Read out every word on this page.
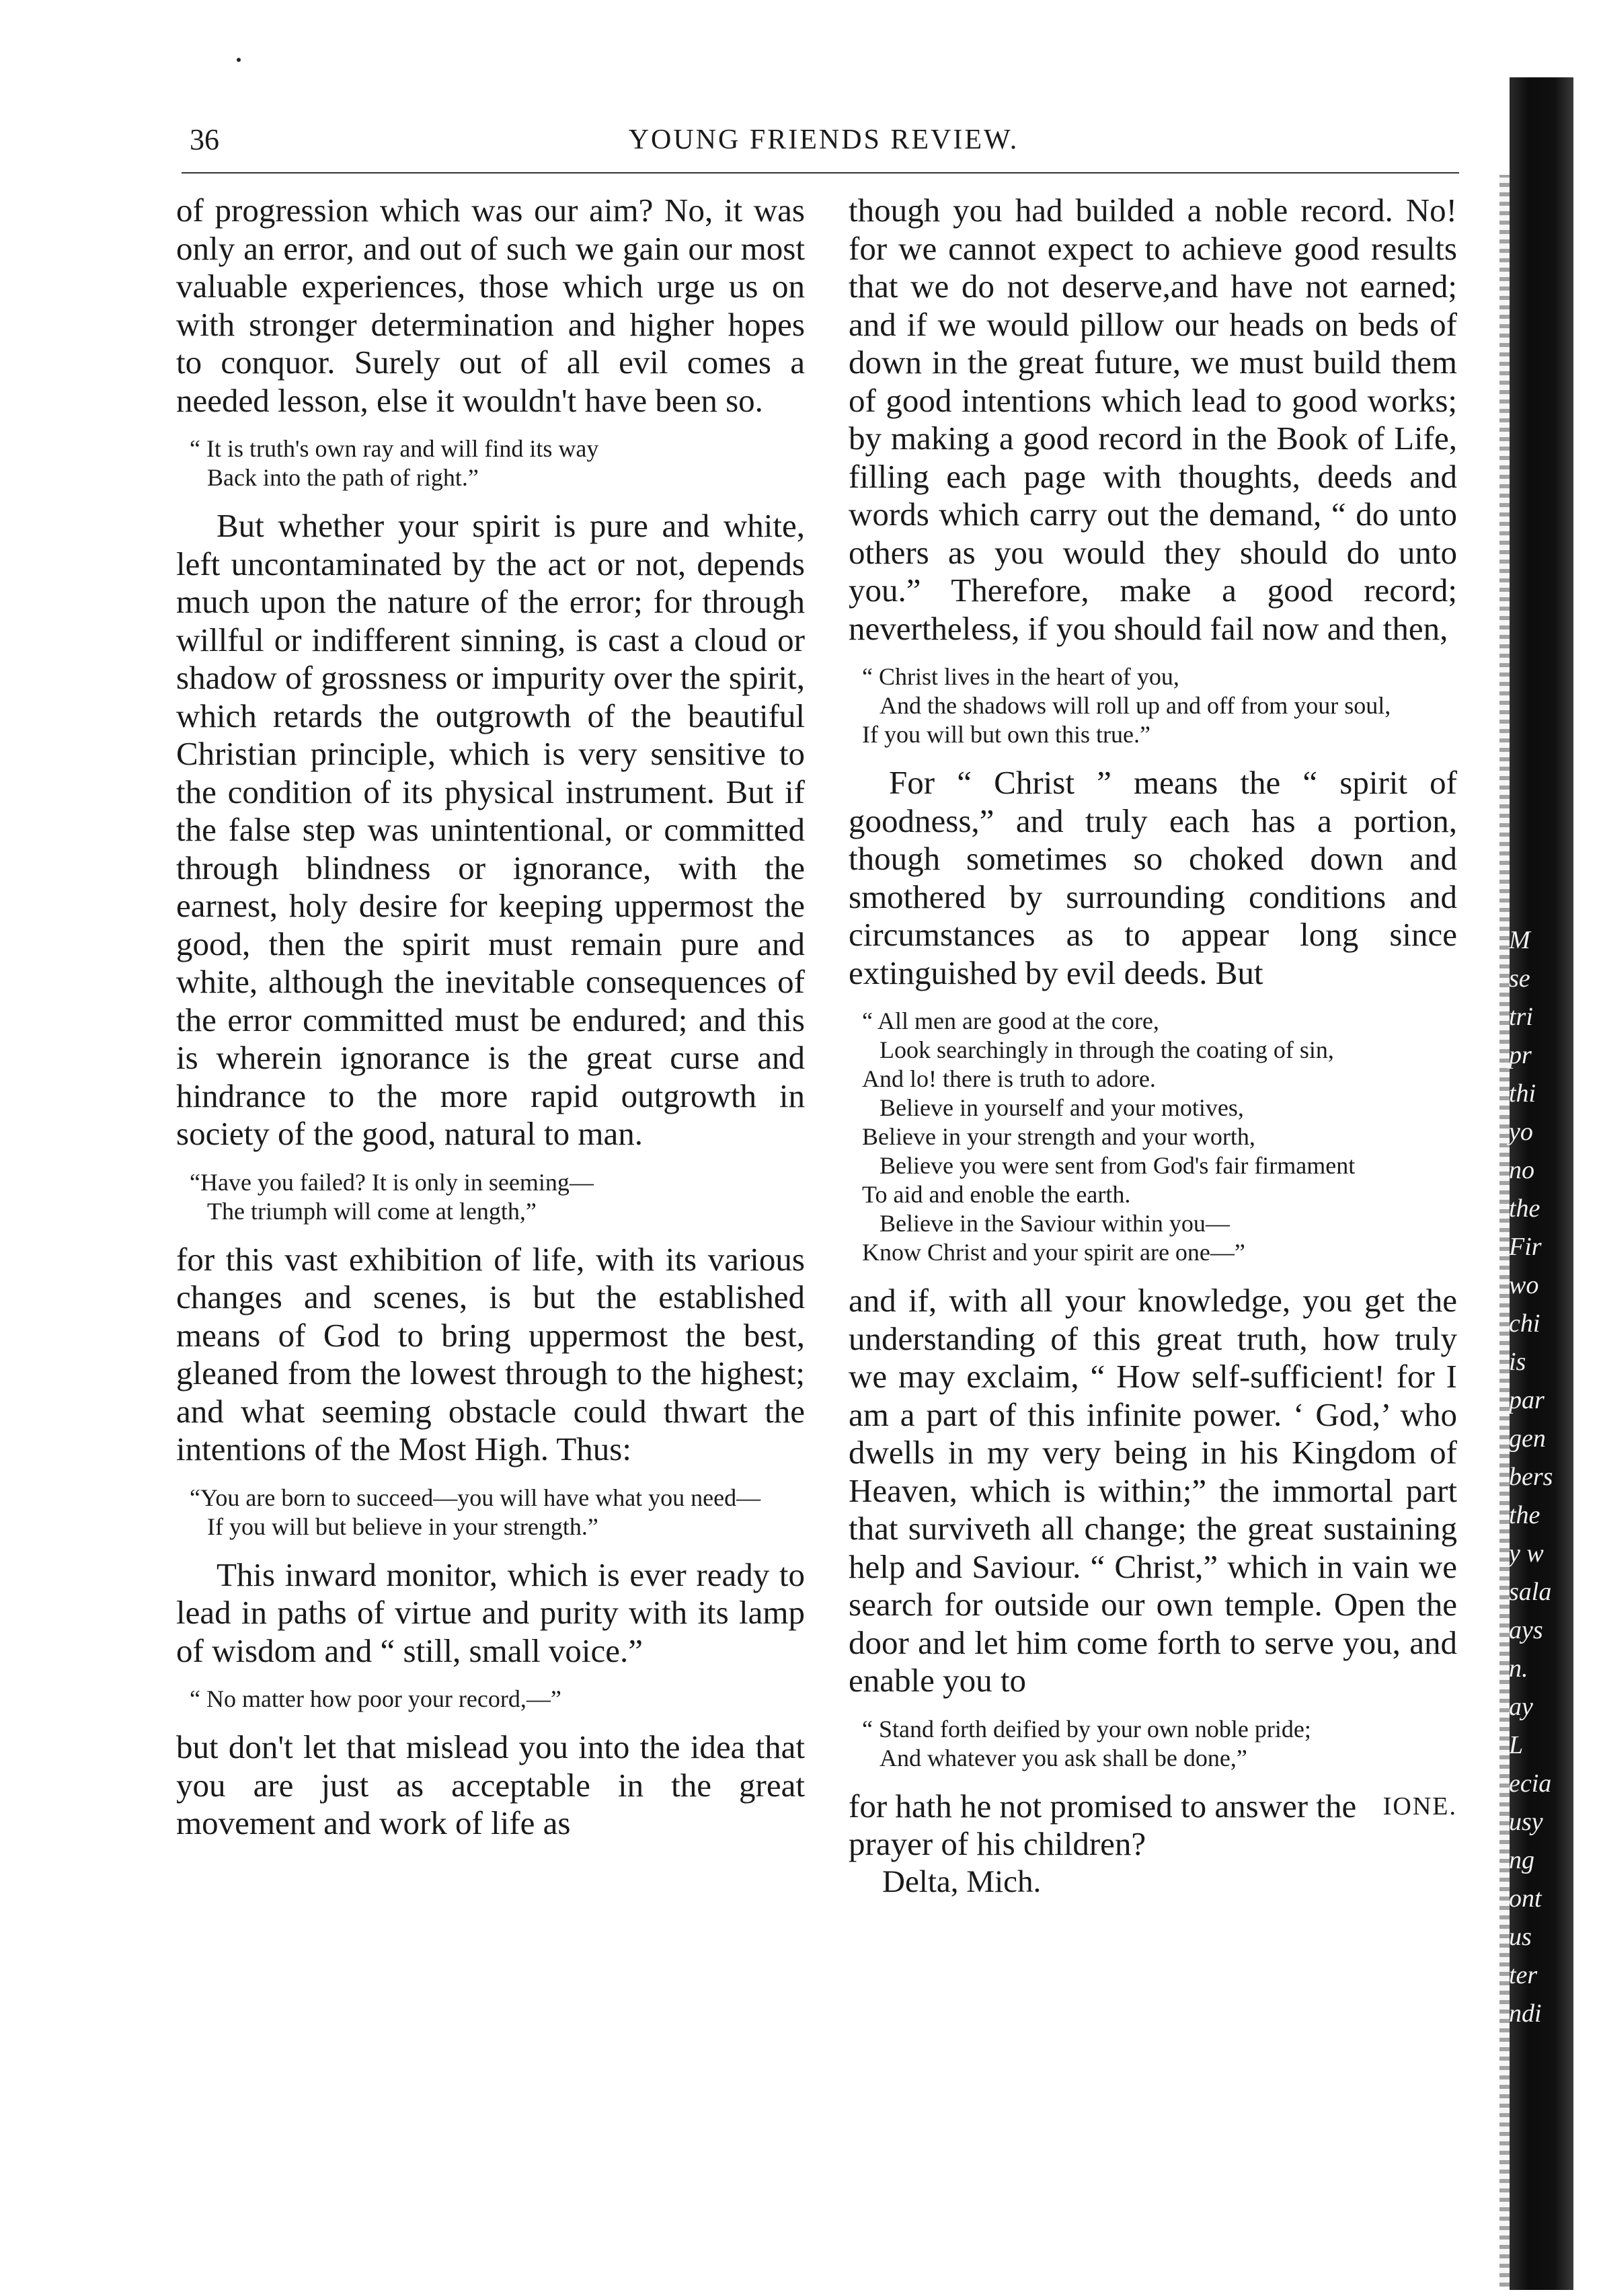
36	YOUNG FRIENDS REVIEW.

of progression which was our aim? No, it was only an error, and out of such we gain our most valuable experiences, those which urge us on with stronger determination and higher hopes to conquor. Surely out of all evil comes a needed lesson, else it wouldn't have been so.

“ It is truth's own ray and will find its way
Back into the path of right.”

But whether your spirit is pure and white, left uncontaminated by the act or not, depends much upon the nature of the error; for through willful or indifferent sinning, is cast a cloud or shadow of grossness or impurity over the spirit, which retards the outgrowth of the beautiful Christian principle, which is very sensitive to the condition of its physical instrument. But if the false step was unintentional, or committed through blindness or ignorance, with the earnest, holy desire for keeping uppermost the good, then the spirit must remain pure and white, although the inevitable consequences of the error committed must be endured; and this is wherein ignorance is the great curse and hindrance to the more rapid outgrowth in society of the good, natural to man.

“Have you failed? It is only in seeming—
The triumph will come at length,”

for this vast exhibition of life, with its various changes and scenes, is but the established means of God to bring uppermost the best, gleaned from the lowest through to the highest; and what seeming obstacle could thwart the intentions of the Most High. Thus:

“You are born to succeed—you will have what you need—
If you will but believe in your strength.”

This inward monitor, which is ever ready to lead in paths of virtue and purity with its lamp of wisdom and “ still, small voice.”

“ No matter how poor your record,—”

but don't let that mislead you into the idea that you are just as acceptable in the great movement and work of life as

though you had builded a noble record. No! for we cannot expect to achieve good results that we do not deserve,and have not earned; and if we would pillow our heads on beds of down in the great future, we must build them of good intentions which lead to good works; by making a good record in the Book of Life, filling each page with thoughts, deeds and words which carry out the demand, “ do unto others as you would they should do unto you.” Therefore, make a good record; nevertheless, if you should fail now and then,

“ Christ lives in the heart of you,
And the shadows will roll up and off from your soul,
If you will but own this true.”

For “ Christ ” means the “ spirit of goodness,” and truly each has a portion, though sometimes so choked down and smothered by surrounding conditions and circumstances as to appear long since extinguished by evil deeds. But

“ All men are good at the core,
Look searchingly in through the coating of sin,
And lo! there is truth to adore.
Believe in yourself and your motives,
Believe in your strength and your worth,
Believe you were sent from God's fair firmament
To aid and enoble the earth.
Believe in the Saviour within you—
Know Christ and your spirit are one—”

and if, with all your knowledge, you get the understanding of this great truth, how truly we may exclaim, “ How self-sufficient! for I am a part of this infinite power. ‘ God,’ who dwells in my very being in his Kingdom of Heaven, which is within;” the immortal part that surviveth all change; the great sustaining help and Saviour. “ Christ,” which in vain we search for outside our own temple. Open the door and let him come forth to serve you, and enable you to

“ Stand forth deified by your own noble pride;
And whatever you ask shall be done,”
IONE.
for hath he not promised to answer the prayer of his children?
Delta, Mich.
M
se
tri
pr
thi
yo
no
the
Fir
wo
chi
is
par
gen
bers
the
y w
sala
ays
n.
ay
L
ecia
usy
ng
ont
us
ter
ndi
